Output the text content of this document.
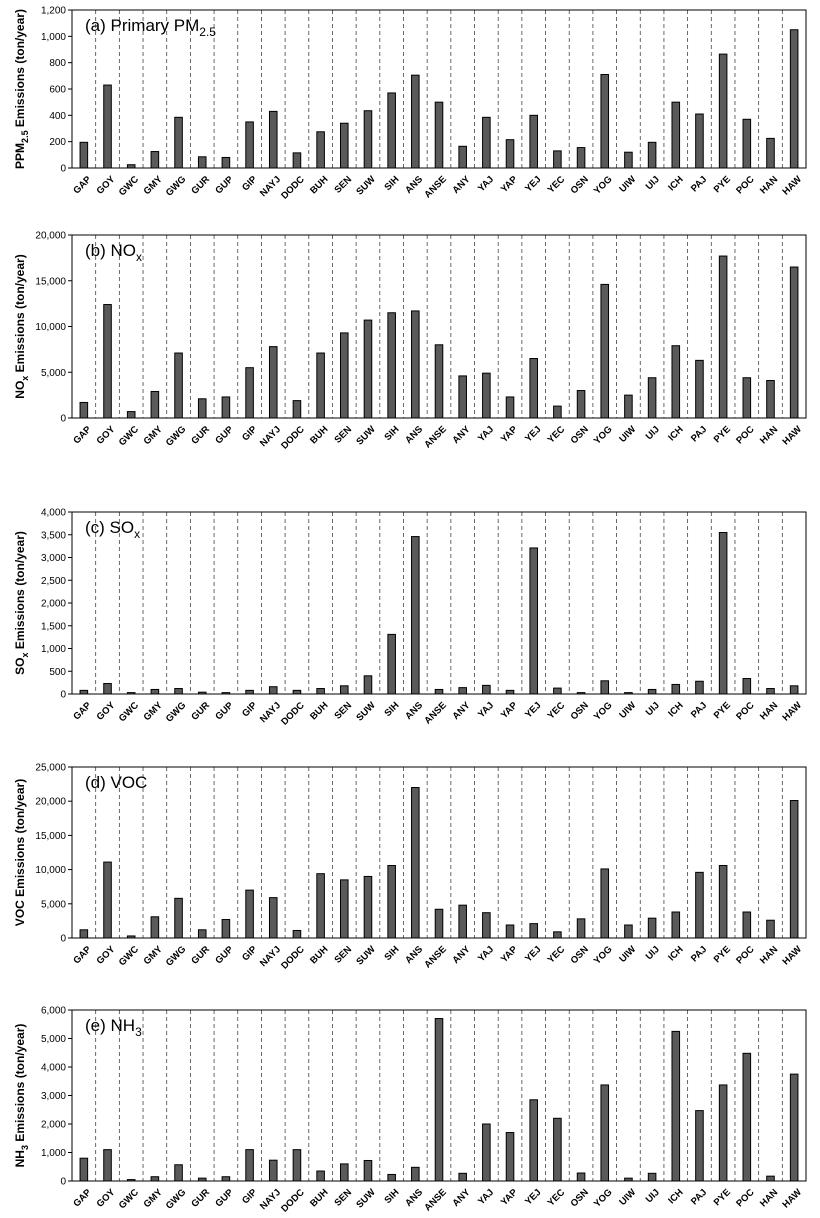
0
200
400
600
800
1,000
1,200
GAP GOY GWC GMY GWG GUR GUP GIP
NAYJ
DODC BUH SEN SUW SIH ANS
ANSE ANY YAJ YAP YEJ YEC OSN YOG UIW UIJ ICH PAJ PYE POC HAN HAW
(a) Primary $PM_{2.5}$
$PPM_{2.5}$ Emissions (ton/year)
0
5,000
10,000
15,000
20,000
GAP GOY GWC GMY GWG GUR GUP GIP
NAYJ
DODC BUH SEN SUW SIH ANS
ANSE ANY YAJ YAP YEJ YEC OSN YOG UIW UIJ ICH PAJ PYE POC HAN HAW
(b) $NO_x$
$NO_x$ Emissions (ton/year)
0
500
1,000
1,500
2,000
2,500
3,000
3,500
4,000
GAP GOY GWC GMY GWG GUR GUP GIP
NAYJ
DODC BUH SEN SUW SIH ANS
ANSE ANY YAJ YAP YEJ YEC OSN YOG UIW UIJ ICH PAJ PYE POC HAN HAW
(c) $SO_x$
$SO_x$ Emissions (ton/year)
0
5,000
10,000
15,000
20,000
25,000
GAP GOY GWC GMY GWG GUR GUP GIP
NAYJ
DODC BUH SEN SUW SIH ANS
ANSE ANY YAJ YAP YEJ YEC OSN YOG UIW UIJ ICH PAJ PYE POC HAN HAW
(d) VOC
VOC Emissions (ton/year)
0
1,000
2,000
3,000
4,000
5,000
6,000
GAP GOY GWC GMY GWG GUR GUP GIP
NAYJ
DODC BUH SEN SUW SIH ANS
ANSE ANY YAJ YAP YEJ YEC OSN YOG UIW UIJ ICH PAJ PYE POC HAN HAW
(e) $NH_3$
$NH_3$ Emissions (ton/year)
